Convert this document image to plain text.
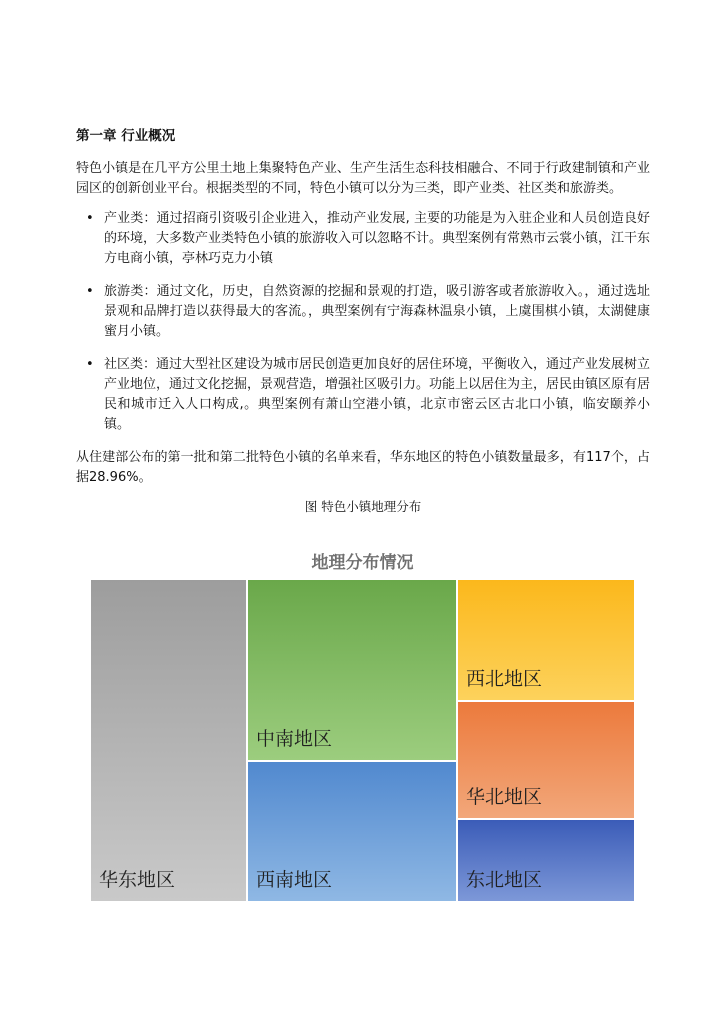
第一章 行业概况

特色小镇是在几平方公里土地上集聚特色产业、生产生活生态科技相融合、不同于行政建制镇和产业园区的创新创业平台。根据类型的不同，特色小镇可以分为三类，即产业类、社区类和旅游类。

• 产业类：通过招商引资吸引企业进入，推动产业发展, 主要的功能是为入驻企业和人员创造良好的环境，大多数产业类特色小镇的旅游收入可以忽略不计。典型案例有常熟市云裳小镇，江干东方电商小镇，亭林巧克力小镇
• 旅游类：通过文化，历史，自然资源的挖掘和景观的打造，吸引游客或者旅游收入。，通过选址景观和品牌打造以获得最大的客流。，典型案例有宁海森林温泉小镇，上虞围棋小镇，太湖健康蜜月小镇。
• 社区类：通过大型社区建设为城市居民创造更加良好的居住环境，平衡收入，通过产业发展树立产业地位，通过文化挖掘，景观营造，增强社区吸引力。功能上以居住为主，居民由镇区原有居民和城市迁入人口构成,。典型案例有萧山空港小镇，北京市密云区古北口小镇，临安颐养小镇。

从住建部公布的第一批和第二批特色小镇的名单来看，华东地区的特色小镇数量最多，有117个，占据28.96%。

图 特色小镇地理分布
地理分布情况
华东地区
中南地区
西南地区
西北地区
华北地区
东北地区
